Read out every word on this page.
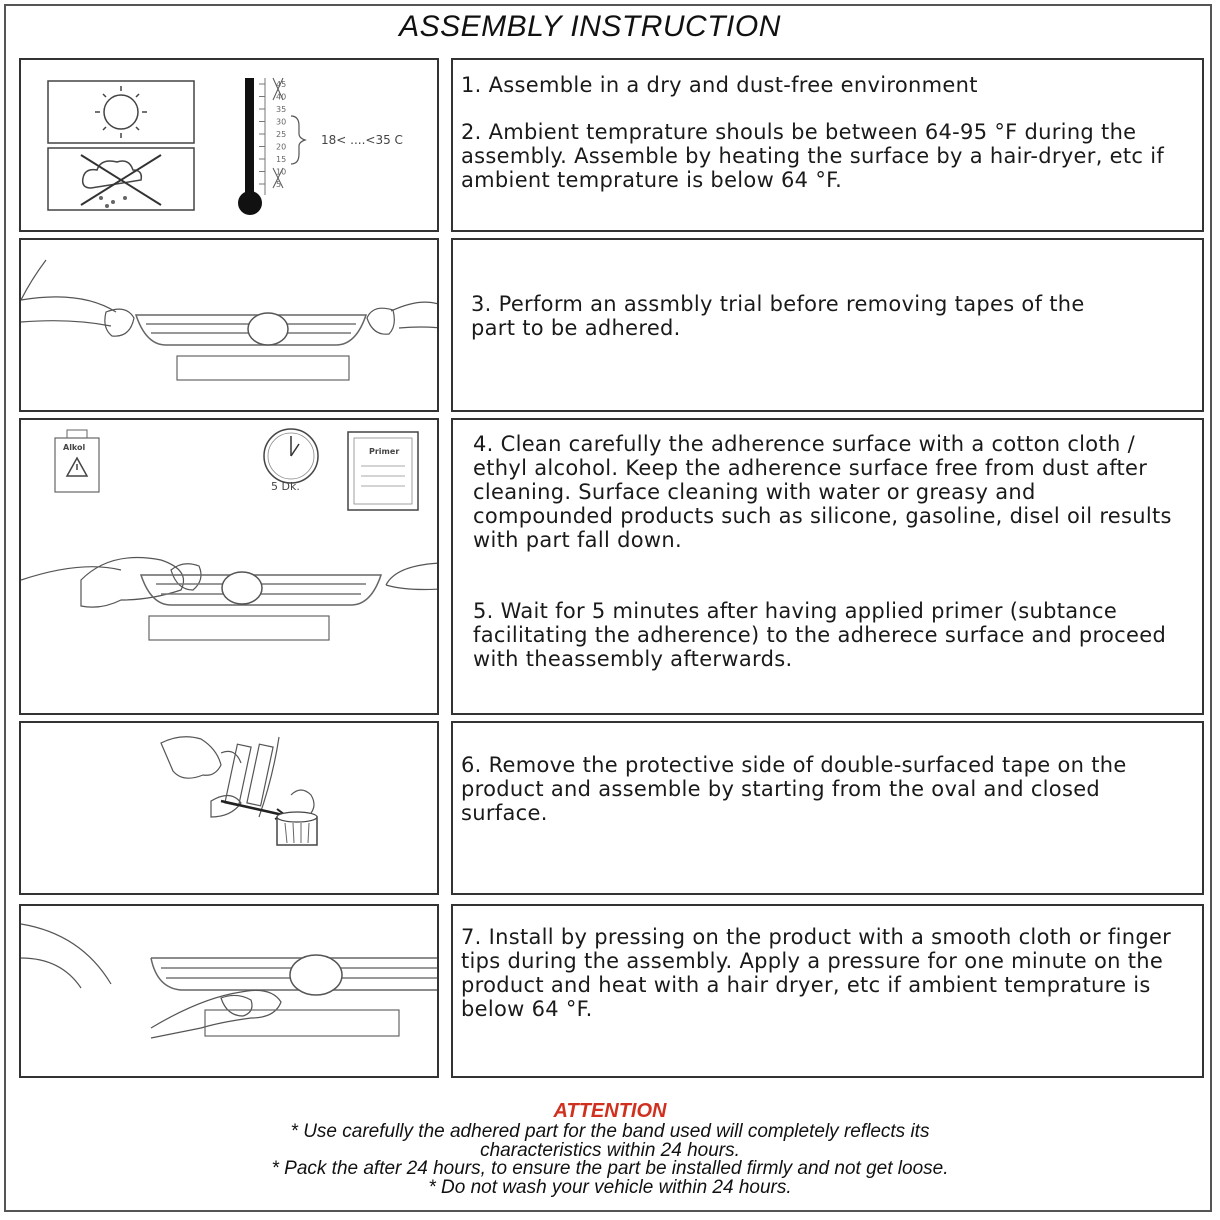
ASSEMBLY INSTRUCTION
45
40
35
30
25
20
15
10
5
18< ....<35 C
1. Assemble in a dry and dust-free environment
2. Ambient temprature shouls be between 64-95 °F during the assembly. Assemble by heating the surface by a hair-dryer, etc if ambient temprature is below 64 °F.
3. Perform an assmbly trial before removing tapes of the part to be adhered.
Alkol
5 Dk.
Primer	4. Clean carefully the adherence surface with a cotton cloth / ethyl alcohol. Keep the adherence surface free from dust after cleaning. Surface cleaning with water or greasy and compounded products such as silicone, gasoline, disel oil results with part fall down.
5. Wait for 5 minutes after having applied primer (subtance facilitating the adherence) to the adherece surface and proceed with theassembly afterwards.
6. Remove the protective side of double-surfaced tape on the product and assemble by starting from the oval and closed surface.
7. Install by pressing on the product with a smooth cloth or finger tips during the assembly. Apply a pressure for one minute on the product and heat with a hair dryer, etc if ambient temprature is below 64 °F.
ATTENTION
* Use carefully the adhered part for the band used will completely reflects its
characteristics within 24 hours.
* Pack the after 24 hours, to ensure the part be installed firmly and not get loose.
* Do not wash your vehicle within 24 hours.
